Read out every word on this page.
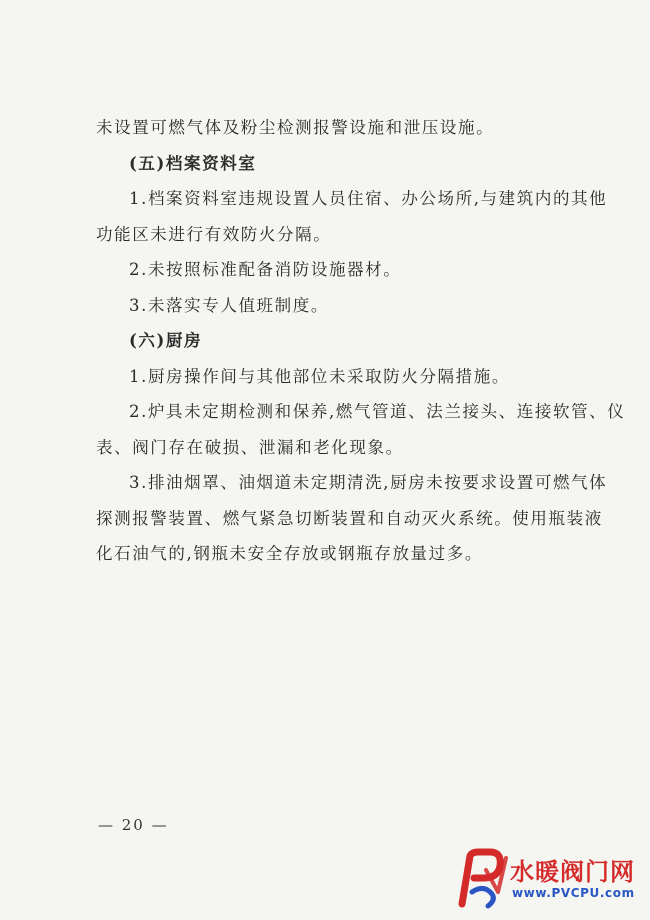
未设置可燃气体及粉尘检测报警设施和泄压设施。
(五)档案资料室
1.档案资料室违规设置人员住宿、办公场所,与建筑内的其他
功能区未进行有效防火分隔。
2.未按照标准配备消防设施器材。
3.未落实专人值班制度。
(六)厨房
1.厨房操作间与其他部位未采取防火分隔措施。
2.炉具未定期检测和保养,燃气管道、法兰接头、连接软管、仪
表、阀门存在破损、泄漏和老化现象。
3.排油烟罩、油烟道未定期清洗,厨房未按要求设置可燃气体
探测报警装置、燃气紧急切断装置和自动灭火系统。使用瓶装液
化石油气的,钢瓶未安全存放或钢瓶存放量过多。
— 20 —
水暖阀门网
www.PVCPU.com
